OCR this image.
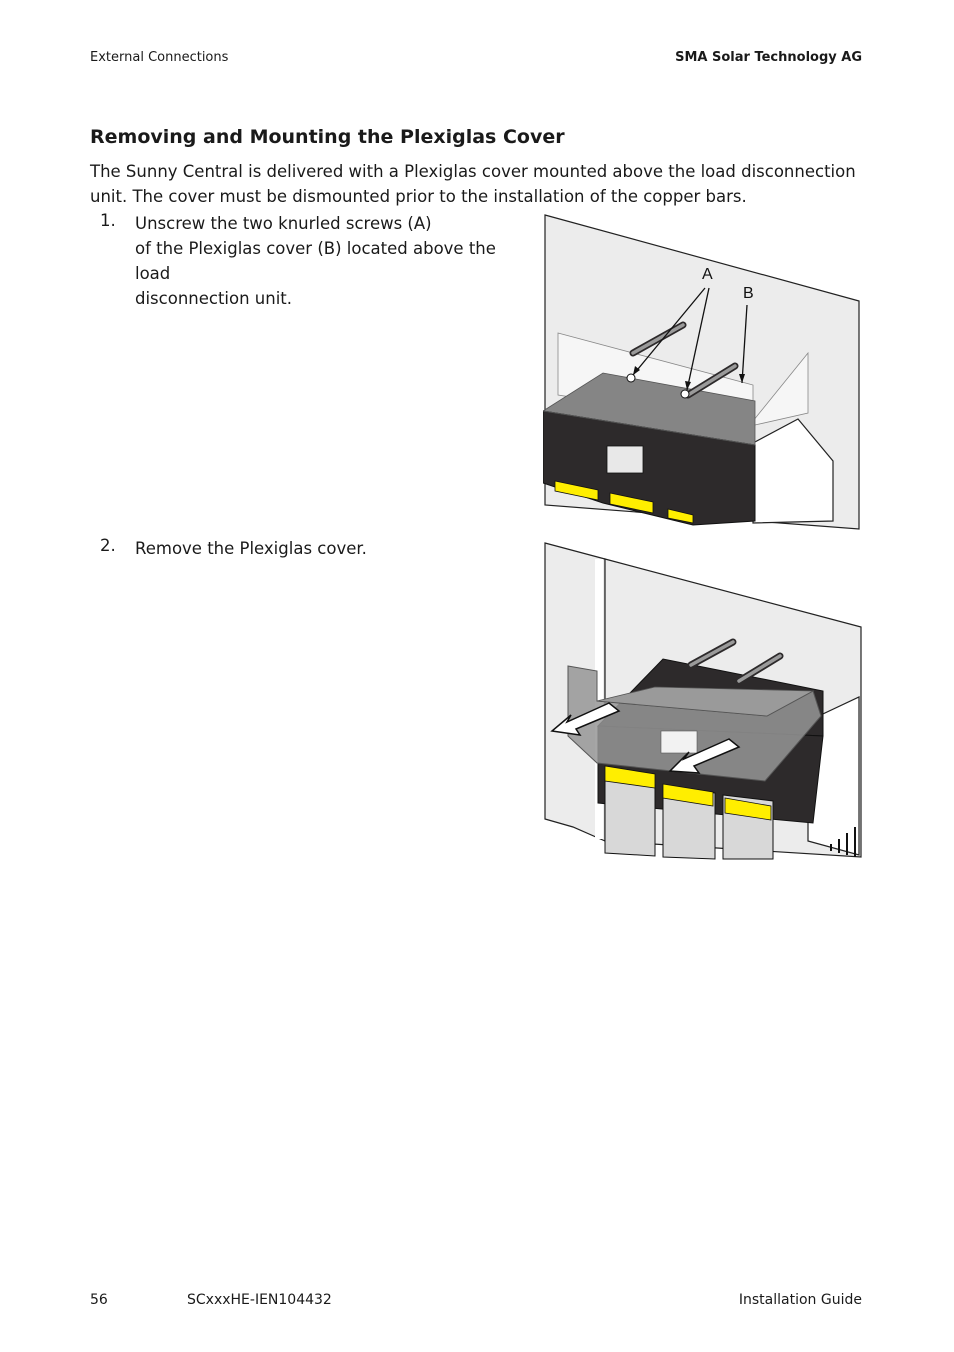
External Connections	SMA Solar Technology AG
Removing and Mounting the Plexiglas Cover
The Sunny Central is delivered with a Plexiglas cover mounted above the load disconnection unit. The cover must be dismounted prior to the installation of the copper bars.
1. Unscrew the two knurled screws (A)
of the Plexiglas cover (B) located above the load
disconnection unit.
2. Remove the Plexiglas cover.
A
B
56	SCxxxHE-IEN104432	Installation Guide
